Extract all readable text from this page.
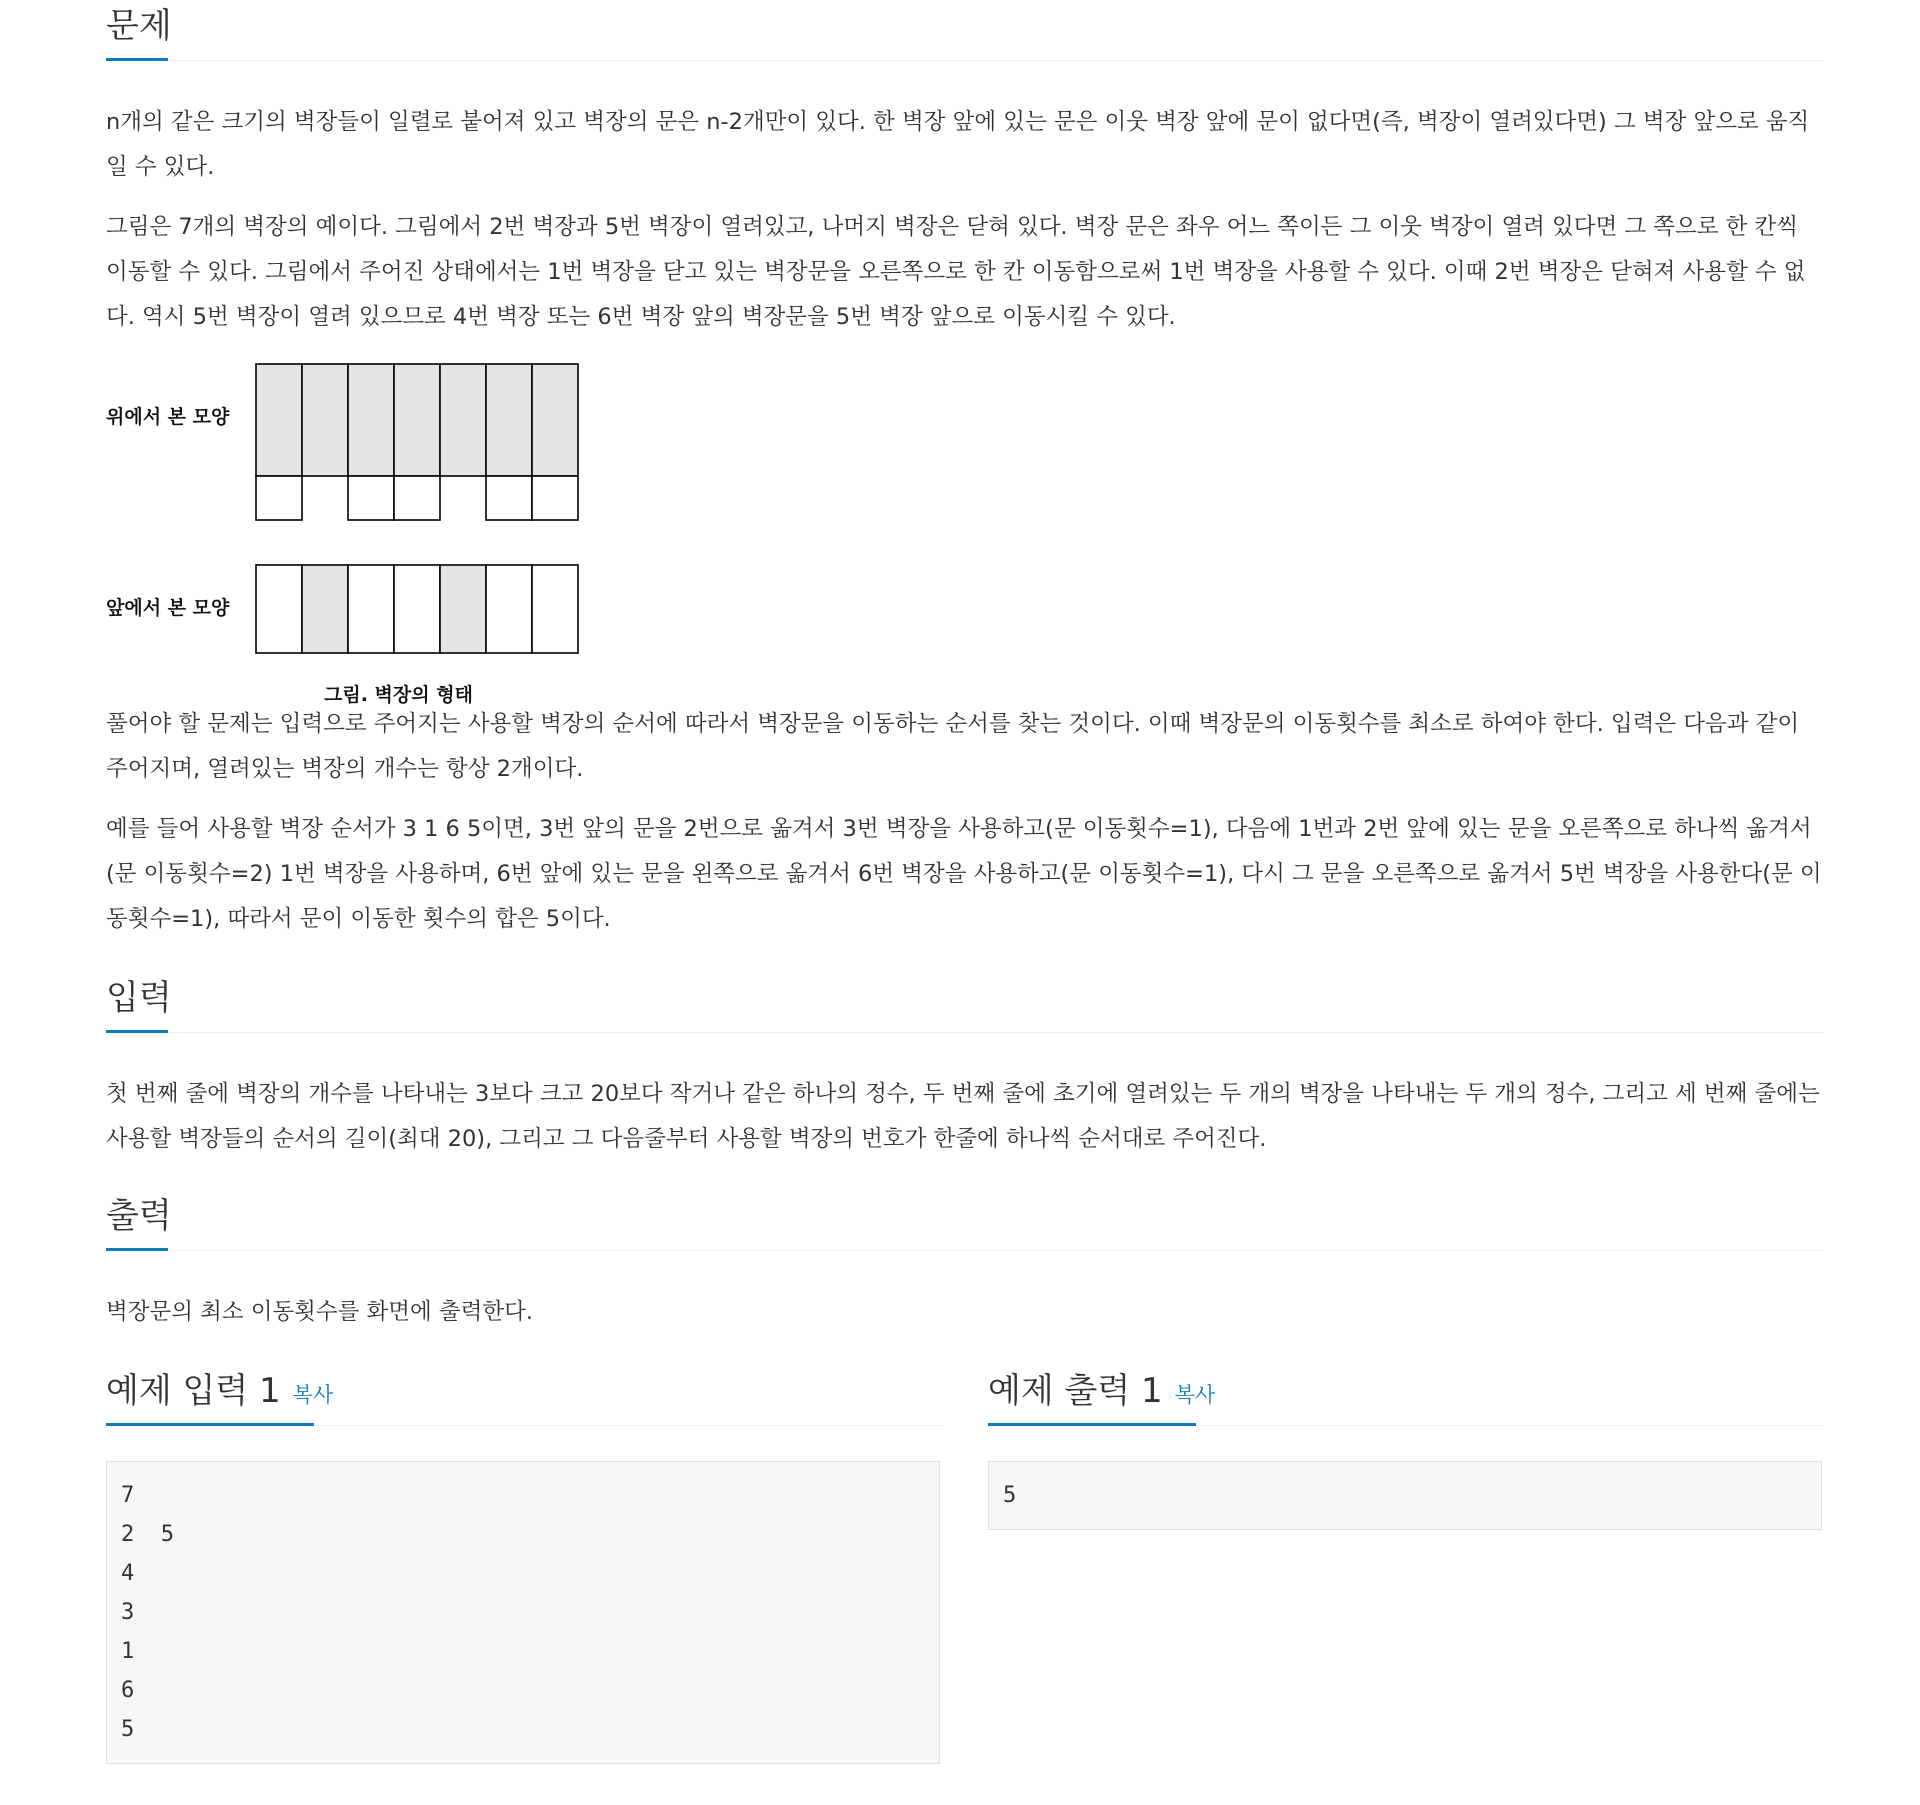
문제

n개의 같은 크기의 벽장들이 일렬로 붙어져 있고 벽장의 문은 n-2개만이 있다. 한 벽장 앞에 있는 문은 이웃 벽장 앞에 문이 없다면(즉, 벽장이 열려있다면) 그 벽장 앞으로 움직일 수 있다.

그림은 7개의 벽장의 예이다. 그림에서 2번 벽장과 5번 벽장이 열려있고, 나머지 벽장은 닫혀 있다. 벽장 문은 좌우 어느 쪽이든 그 이웃 벽장이 열려 있다면 그 쪽으로 한 칸씩 이동할 수 있다. 그림에서 주어진 상태에서는 1번 벽장을 닫고 있는 벽장문을 오른쪽으로 한 칸 이동함으로써 1번 벽장을 사용할 수 있다. 이때 2번 벽장은 닫혀져 사용할 수 없다. 역시 5번 벽장이 열려 있으므로 4번 벽장 또는 6번 벽장 앞의 벽장문을 5번 벽장 앞으로 이동시킬 수 있다.

위에서 본 모양
앞에서 본 모양
그림. 벽장의 형태

풀어야 할 문제는 입력으로 주어지는 사용할 벽장의 순서에 따라서 벽장문을 이동하는 순서를 찾는 것이다. 이때 벽장문의 이동횟수를 최소로 하여야 한다. 입력은 다음과 같이 주어지며, 열려있는 벽장의 개수는 항상 2개이다.

예를 들어 사용할 벽장 순서가 3 1 6 5이면, 3번 앞의 문을 2번으로 옮겨서 3번 벽장을 사용하고(문 이동횟수=1), 다음에 1번과 2번 앞에 있는 문을 오른쪽으로 하나씩 옮겨서(문 이동횟수=2) 1번 벽장을 사용하며, 6번 앞에 있는 문을 왼쪽으로 옮겨서 6번 벽장을 사용하고(문 이동횟수=1), 다시 그 문을 오른쪽으로 옮겨서 5번 벽장을 사용한다(문 이동횟수=1), 따라서 문이 이동한 횟수의 합은 5이다.

입력

첫 번째 줄에 벽장의 개수를 나타내는 3보다 크고 20보다 작거나 같은 하나의 정수, 두 번째 줄에 초기에 열려있는 두 개의 벽장을 나타내는 두 개의 정수, 그리고 세 번째 줄에는 사용할 벽장들의 순서의 길이(최대 20), 그리고 그 다음줄부터 사용할 벽장의 번호가 한줄에 하나씩 순서대로 주어진다.

출력

벽장문의 최소 이동횟수를 화면에 출력한다.

예제 입력 1 복사
7
2  5
4
3
1
6
5
예제 출력 1 복사
5
